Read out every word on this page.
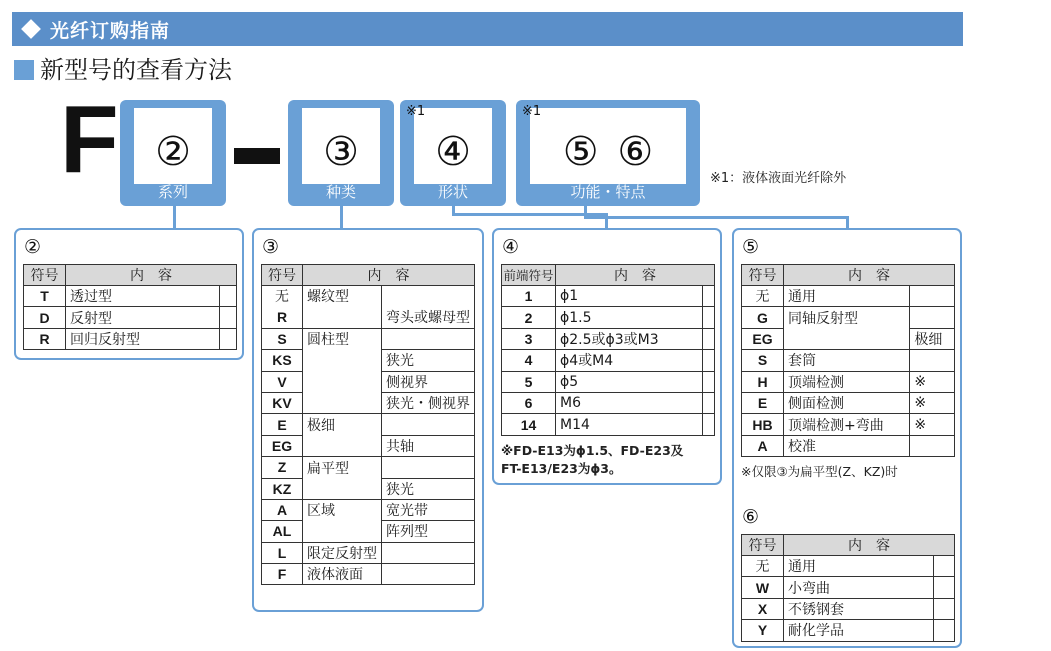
光纤订购指南
新型号的查看方法
F ②
系列
③
种类
※1
④
形状
※1
⑤ ⑥
功能・特点
※1：液体液面光纤除外
②
符号	内　容	
T	透过型	
D	反射型	
R	回归反射型	
③
符号	内　容	
无	螺纹型	
R		弯头或螺母型
S	圆柱型	
KS		狭光
V		侧视界
KV		狭光・侧视界
E	极细	
EG		共轴
Z	扁平型	
KZ		狭光
A	区域	宽光带
AL		阵列型
L	限定反射型	
F	液体液面	
④
前端符号	内　容	
1	ϕ1	
2	ϕ1.5	
3	ϕ2.5或ϕ3或M3	
4	ϕ4或M4	
5	ϕ5	
6	M6	
14	M14	
※FD-E13为ϕ1.5、FD-E23及
FT-E13/E23为ϕ3。
⑤
符号	内　容	
无	通用	
G	同轴反射型	
EG		极细
S	套筒	
H	顶端检测	※
E	侧面检测	※
HB	顶端检测+弯曲	※
A	校准	
※仅限③为扁平型(Z、KZ)时
⑥
符号	内　容	
无	通用	
W	小弯曲	
X	不锈钢套	
Y	耐化学品	
